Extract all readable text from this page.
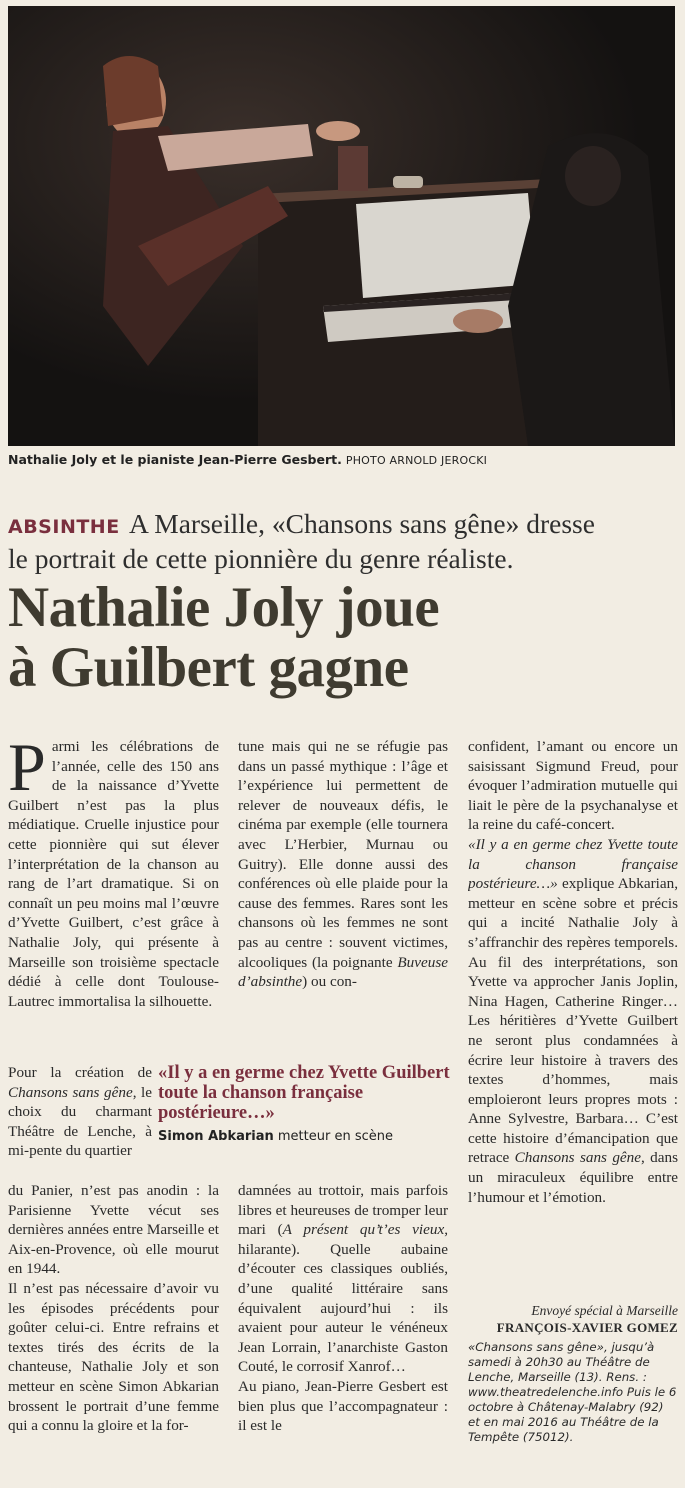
Nathalie Joly et le pianiste Jean-Pierre Gesbert. PHOTO ARNOLD JEROCKI
ABSINTHE A Marseille, «Chansons sans gêne» dresse
le portrait de cette pionnière du genre réaliste.
Nathalie Joly joue
à Guilbert gagne

Parmi les célébrations de l’année, celle des 150 ans de la naissance d’Yvette Guilbert n’est pas la plus médiatique. Cruelle injustice pour cette pionnière qui sut élever l’interprétation de la chanson au rang de l’art dramatique. Si on connaît un peu moins mal l’œuvre d’Yvette Guilbert, c’est grâce à Nathalie Joly, qui présente à Marseille son troisième spectacle dédié à celle dont Toulouse-Lautrec immortalisa la silhouette.

Pour la création de Chansons sans gêne, le choix du charmant Théâtre de Lenche, à mi-pente du quartier
«Il y a en germe chez Yvette Guilbert toute la chanson française postérieure…»
Simon Abkarian metteur en scène

du Panier, n’est pas anodin : la Parisienne Yvette vécut ses dernières années entre Marseille et Aix-en-Provence, où elle mourut en 1944.

Il n’est pas nécessaire d’avoir vu les épisodes précédents pour goûter celui-ci. Entre refrains et textes tirés des écrits de la chanteuse, Nathalie Joly et son metteur en scène Simon Abkarian brossent le portrait d’une femme qui a connu la gloire et la for-

tune mais qui ne se réfugie pas dans un passé mythique : l’âge et l’expérience lui permettent de relever de nouveaux défis, le cinéma par exemple (elle tournera avec L’Herbier, Murnau ou Guitry). Elle donne aussi des conférences où elle plaide pour la cause des femmes. Rares sont les chansons où les femmes ne sont pas au centre : souvent victimes, alcooliques (la poignante Buveuse d’absinthe) ou con-

damnées au trottoir, mais parfois libres et heureuses de tromper leur mari (A présent qu’t’es vieux, hilarante). Quelle aubaine d’écouter ces classiques oubliés, d’une qualité littéraire sans équivalent aujourd’hui : ils avaient pour auteur le vénéneux Jean Lorrain, l’anarchiste Gaston Couté, le corrosif Xanrof…

Au piano, Jean-Pierre Gesbert est bien plus que l’accompagnateur : il est le

confident, l’amant ou encore un saisissant Sigmund Freud, pour évoquer l’admiration mutuelle qui liait le père de la psychanalyse et la reine du café-concert.

«Il y a en germe chez Yvette toute la chanson française postérieure…» explique Abkarian, metteur en scène sobre et précis qui a incité Nathalie Joly à s’affranchir des repères temporels. Au fil des interprétations, son Yvette va approcher Janis Joplin, Nina Hagen, Catherine Ringer… Les héritières d’Yvette Guilbert ne seront plus condamnées à écrire leur histoire à travers des textes d’hommes, mais emploieront leurs propres mots : Anne Sylvestre, Barbara… C’est cette histoire d’émancipation que retrace Chansons sans gêne, dans un miraculeux équilibre entre l’humour et l’émotion.

Envoyé spécial à Marseille
FRANÇOIS-XAVIER GOMEZ
«Chansons sans gêne», jusqu’à samedi à 20h30 au Théâtre de Lenche, Marseille (13). Rens. : www.theatredelenche.info Puis le 6 octobre à Châtenay-Malabry (92) et en mai 2016 au Théâtre de la Tempête (75012).
